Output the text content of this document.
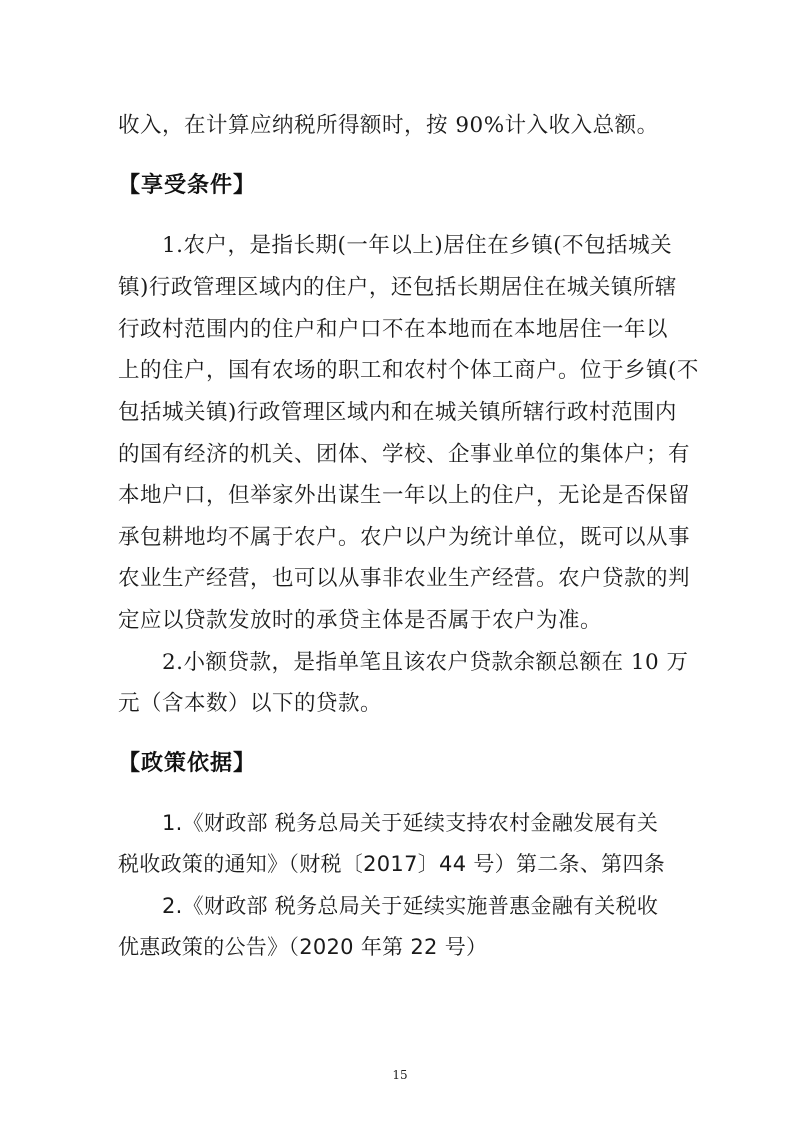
收入，在计算应纳税所得额时，按 90%计入收入总额。
【享受条件】
1.农户，是指长期(一年以上)居住在乡镇(不包括城关
镇)行政管理区域内的住户，还包括长期居住在城关镇所辖
行政村范围内的住户和户口不在本地而在本地居住一年以
上的住户，国有农场的职工和农村个体工商户。位于乡镇(不
包括城关镇)行政管理区域内和在城关镇所辖行政村范围内
的国有经济的机关、团体、学校、企事业单位的集体户；有
本地户口，但举家外出谋生一年以上的住户，无论是否保留
承包耕地均不属于农户。农户以户为统计单位，既可以从事
农业生产经营，也可以从事非农业生产经营。农户贷款的判
定应以贷款发放时的承贷主体是否属于农户为准。
2.小额贷款，是指单笔且该农户贷款余额总额在 10 万
元（含本数）以下的贷款。
【政策依据】
1.《财政部 税务总局关于延续支持农村金融发展有关
税收政策的通知》（财税〔2017〕44 号）第二条、第四条
2.《财政部 税务总局关于延续实施普惠金融有关税收
优惠政策的公告》（2020 年第 22 号）
15
